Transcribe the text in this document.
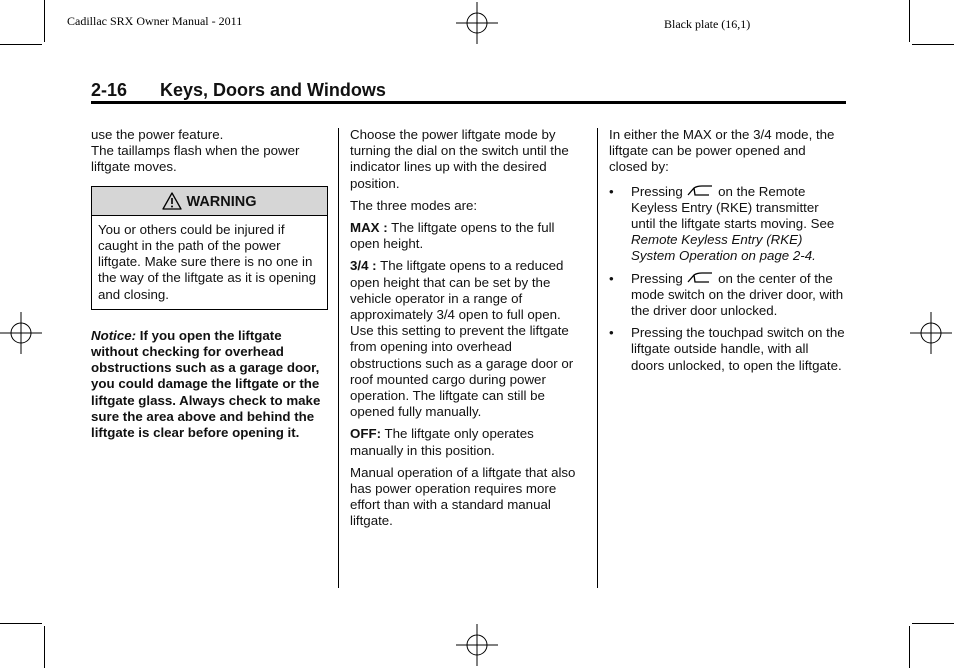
Cadillac SRX Owner Manual - 2011	Black plate (16,1)
2-16	Keys, Doors and Windows

use the power feature.

The taillamps flash when the power liftgate moves.

WARNING
You or others could be injured if caught in the path of the power liftgate. Make sure there is no one in the way of the liftgate as it is opening and closing.

Notice: If you open the liftgate without checking for overhead obstructions such as a garage door, you could damage the liftgate or the liftgate glass. Always check to make sure the area above and behind the liftgate is clear before opening it.

Choose the power liftgate mode by turning the dial on the switch until the indicator lines up with the desired position.

The three modes are:

MAX : The liftgate opens to the full open height.

3/4 : The liftgate opens to a reduced open height that can be set by the vehicle operator in a range of approximately 3/4 open to full open. Use this setting to prevent the liftgate from opening into overhead obstructions such as a garage door or roof mounted cargo during power operation. The liftgate can still be opened fully manually.

OFF: The liftgate only operates manually in this position.

Manual operation of a liftgate that also has power operation requires more effort than with a standard manual liftgate.

In either the MAX or the 3/4 mode, the liftgate can be power opened and closed by:

• Pressing	on the Remote Keyless Entry (RKE) transmitter until the liftgate starts moving. See Remote Keyless Entry (RKE) System Operation on page 2-4.
• Pressing	on the center of the mode switch on the driver door, with the driver door unlocked.
• Pressing the touchpad switch on the liftgate outside handle, with all doors unlocked, to open the liftgate.
